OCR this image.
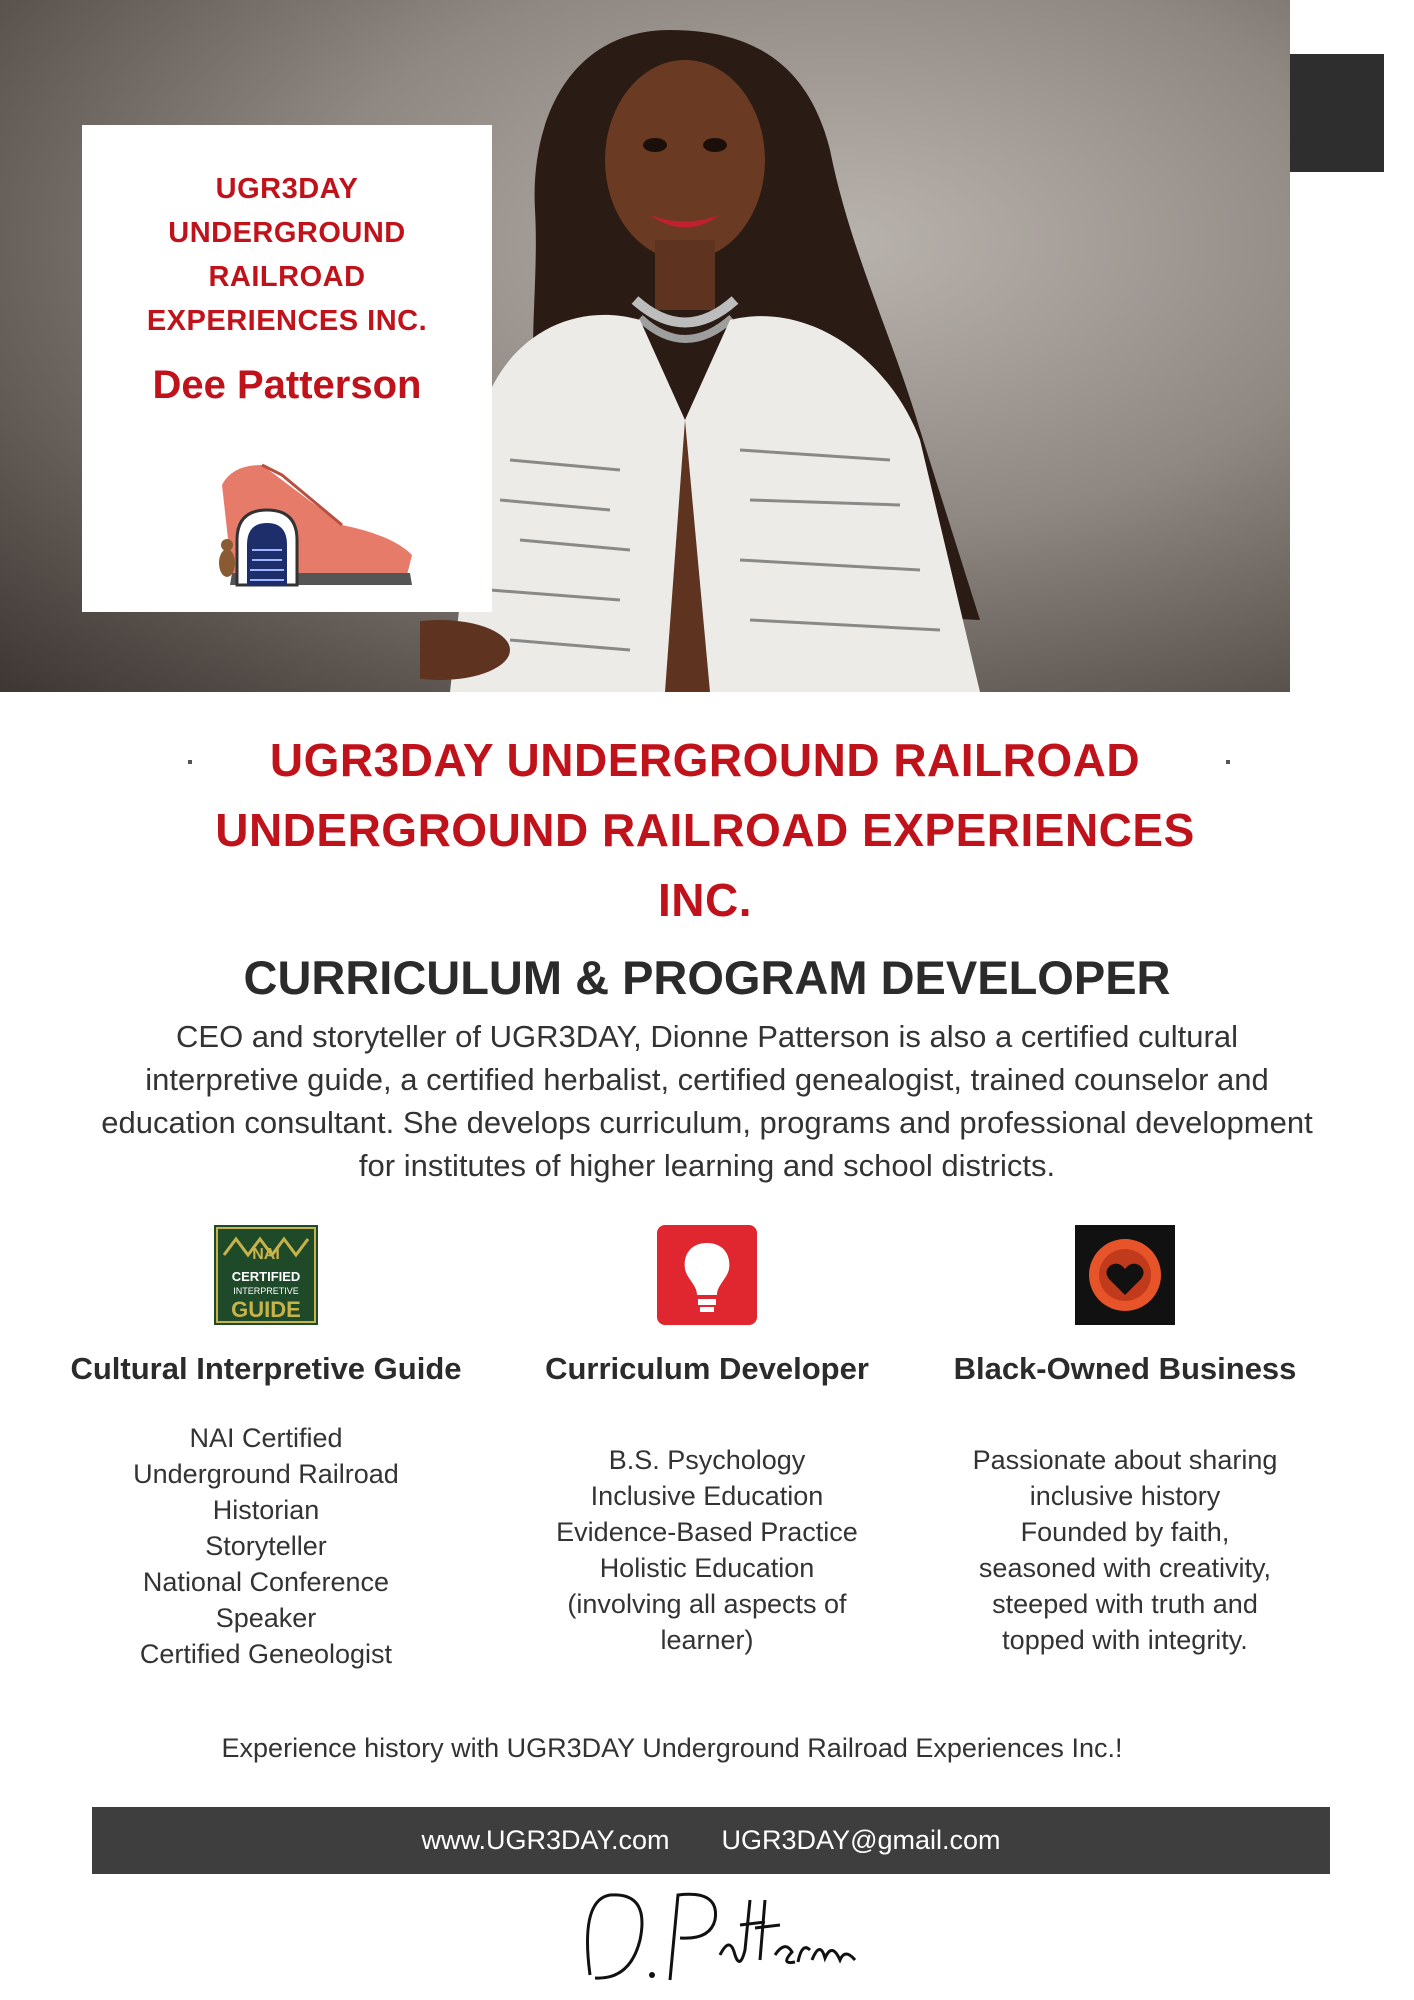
UGR3DAY
UNDERGROUND
RAILROAD
EXPERIENCES INC.
Dee Patterson
UGR3DAY UNDERGROUND RAILROAD
UNDERGROUND RAILROAD EXPERIENCES
INC.
CURRICULUM & PROGRAM DEVELOPER
CEO and storyteller of UGR3DAY, Dionne Patterson is also a certified cultural interpretive guide, a certified herbalist, certified genealogist, trained counselor and education consultant. She develops curriculum, programs and professional development for institutes of higher learning and school districts.
NAI
CERTIFIED
INTERPRETIVE
GUIDE
Cultural Interpretive Guide
NAI Certified
Underground Railroad
Historian
Storyteller
National Conference
Speaker
Certified Geneologist
Curriculum Developer
B.S. Psychology
Inclusive Education
Evidence-Based Practice
Holistic Education
(involving all aspects of
learner)
Black-Owned Business
Passionate about sharing
inclusive history
Founded by faith,
seasoned with creativity,
steeped with truth and
topped with integrity.
Experience history with UGR3DAY Underground Railroad Experiences Inc.!
www.UGR3DAY.com UGR3DAY@gmail.com
